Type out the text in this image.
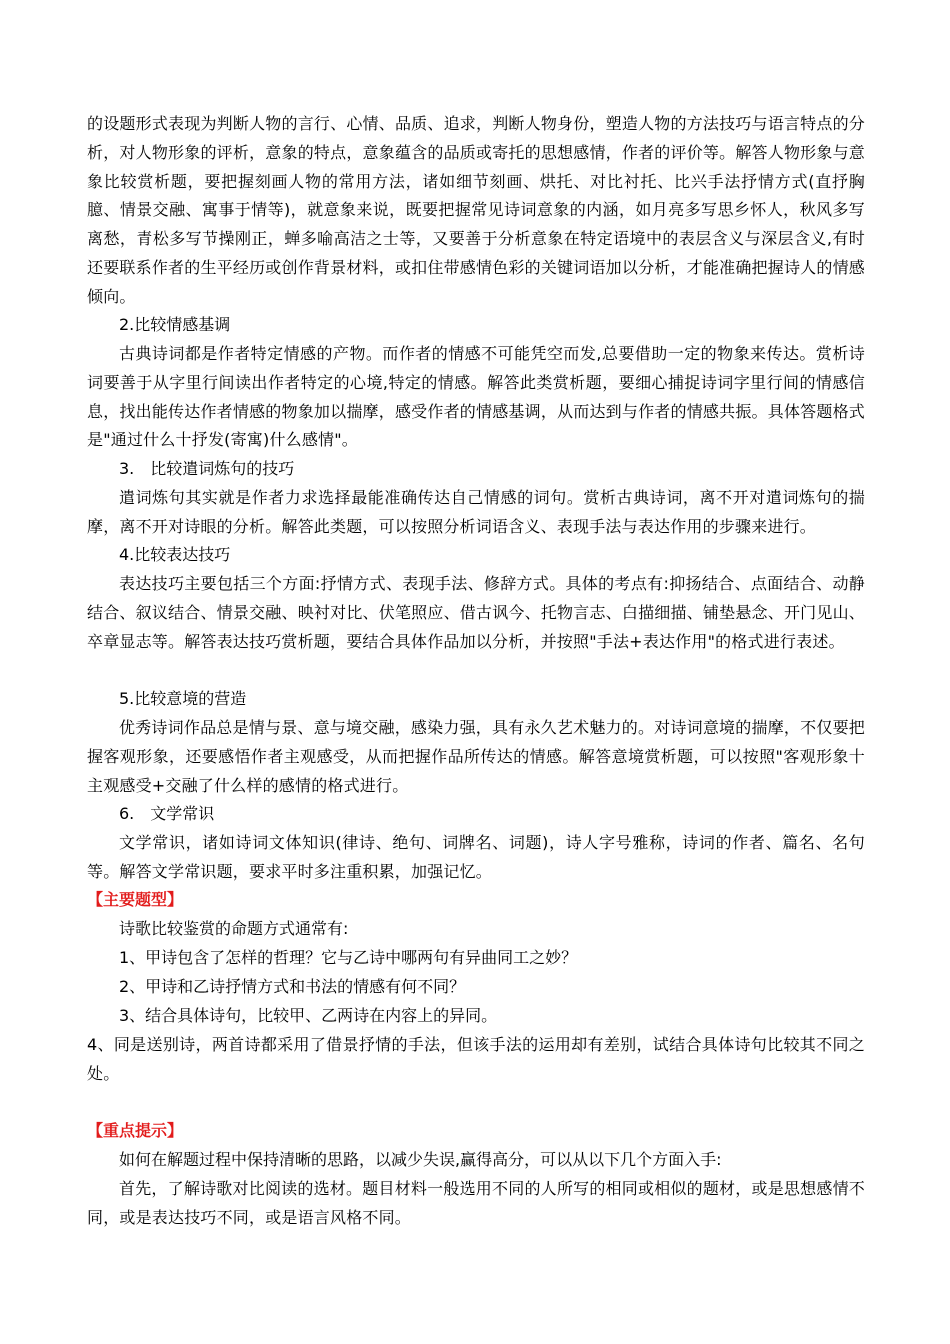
的设题形式表现为判断人物的言行、心情、品质、追求，判断人物身份，塑造人物的方法技巧与语言特点的分析，对人物形象的评析，意象的特点，意象蕴含的品质或寄托的思想感情，作者的评价等。解答人物形象与意象比较赏析题，要把握刻画人物的常用方法，诸如细节刻画、烘托、对比衬托、比兴手法抒情方式(直抒胸臆、情景交融、寓事于情等)，就意象来说，既要把握常见诗词意象的内涵，如月亮多写思乡怀人，秋风多写离愁，青松多写节操刚正，蝉多喻高洁之士等，又要善于分析意象在特定语境中的表层含义与深层含义,有时还要联系作者的生平经历或创作背景材料，或扣住带感情色彩的关键词语加以分析，才能准确把握诗人的情感倾向。
2.比较情感基调
古典诗词都是作者特定情感的产物。而作者的情感不可能凭空而发,总要借助一定的物象来传达。赏析诗词要善于从字里行间读出作者特定的心境,特定的情感。解答此类赏析题，要细心捕捉诗词字里行间的情感信息，找出能传达作者情感的物象加以揣摩，感受作者的情感基调，从而达到与作者的情感共振。具体答题格式是"通过什么十抒发(寄寓)什么感情"。
3.　比较遣词炼句的技巧
遣词炼句其实就是作者力求选择最能准确传达自己情感的词句。赏析古典诗词，离不开对遣词炼句的揣摩，离不开对诗眼的分析。解答此类题，可以按照分析词语含义、表现手法与表达作用的步骤来进行。
4.比较表达技巧
表达技巧主要包括三个方面:抒情方式、表现手法、修辞方式。具体的考点有:抑扬结合、点面结合、动静结合、叙议结合、情景交融、映衬对比、伏笔照应、借古讽今、托物言志、白描细描、铺垫悬念、开门见山、卒章显志等。解答表达技巧赏析题，要结合具体作品加以分析，并按照"手法+表达作用"的格式进行表述。
5.比较意境的营造
优秀诗词作品总是情与景、意与境交融，感染力强，具有永久艺术魅力的。对诗词意境的揣摩，不仅要把握客观形象，还要感悟作者主观感受，从而把握作品所传达的情感。解答意境赏析题，可以按照"客观形象十主观感受+交融了什么样的感情的格式进行。
6.　文学常识
文学常识，诸如诗词文体知识(律诗、绝句、词牌名、词题)，诗人字号雅称，诗词的作者、篇名、名句等。解答文学常识题，要求平时多注重积累，加强记忆。
【主要题型】
诗歌比较鉴赏的命题方式通常有:
1、甲诗包含了怎样的哲理？它与乙诗中哪两句有异曲同工之妙？
2、甲诗和乙诗抒情方式和书法的情感有何不同？
3、结合具体诗句，比较甲、乙两诗在内容上的异同。
4、同是送别诗，两首诗都采用了借景抒情的手法，但该手法的运用却有差别，试结合具体诗句比较其不同之处。
【重点提示】
如何在解题过程中保持清晰的思路，以减少失误,赢得高分，可以从以下几个方面入手:
首先，了解诗歌对比阅读的选材。题目材料一般选用不同的人所写的相同或相似的题材，或是思想感情不同，或是表达技巧不同，或是语言风格不同。
